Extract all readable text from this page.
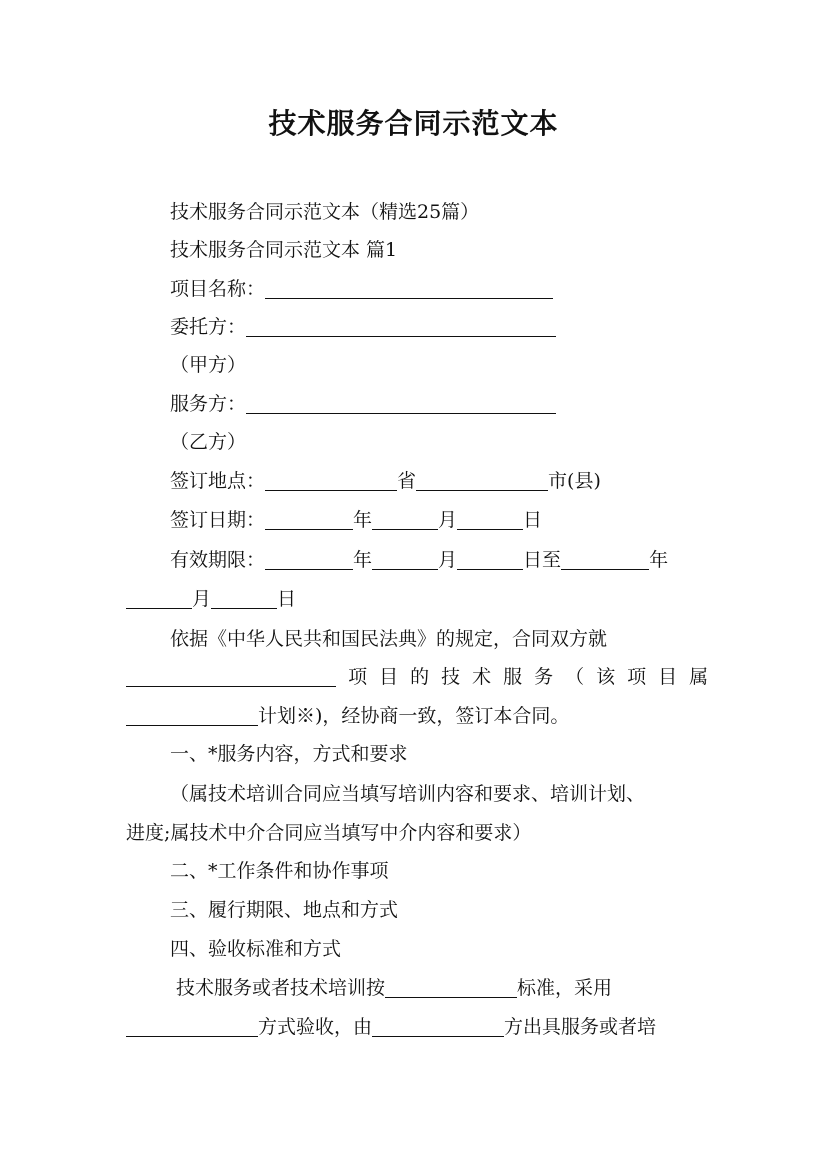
技术服务合同示范文本
技术服务合同示范文本（精选25篇）
技术服务合同示范文本 篇1
项目名称：
委托方：
（甲方）
服务方：
（乙方）
签订地点：	省	市(县)
签订日期：	年	月	日
有效期限：	年	月	日至	年
月	日
依据《中华人民共和国民法典》的规定，合同双方就
项目的技术服务（该项目属
计划※)，经协商一致，签订本合同。
一、*服务内容，方式和要求
（属技术培训合同应当填写培训内容和要求、培训计划、
进度;属技术中介合同应当填写中介内容和要求）
二、*工作条件和协作事项
三、履行期限、地点和方式
四、验收标准和方式
技术服务或者技术培训按	标准，采用
方式验收，由	方出具服务或者培
